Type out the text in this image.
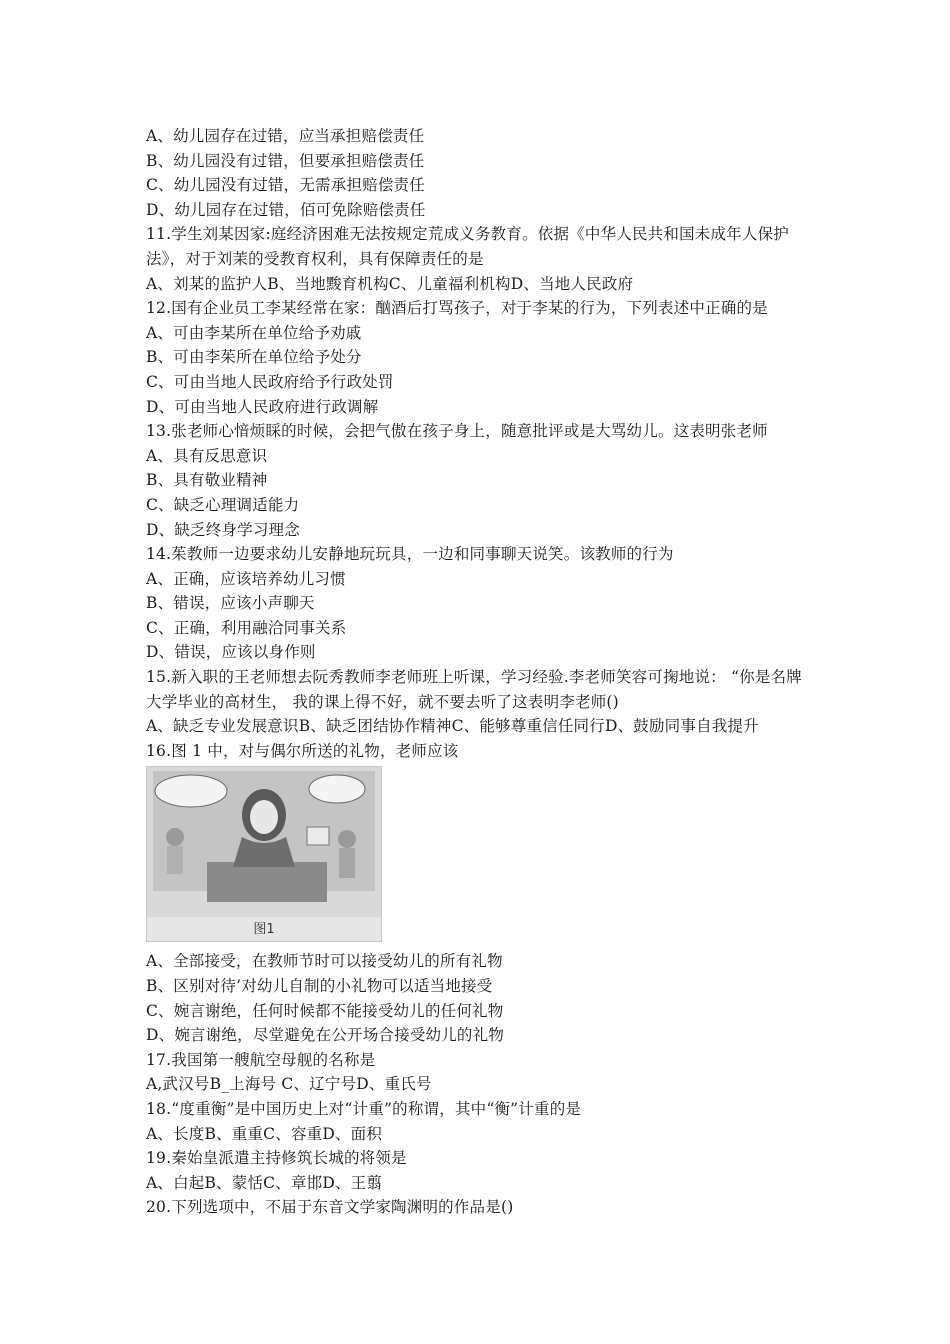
A、幼儿园存在过错，应当承担赔偿责任
B、幼儿园没有过错，但要承担赔偿责任
C、幼儿园没有过错，无需承担赔偿责任
D、幼儿园存在过错，佰可免除赔偿责任
11.学生刘某因家:庭经济困难无法按规定荒成义务教育。依据《中华人民共和国未成年人保护法》，对于刘茉的受教育权利，具有保障责任的是
A、刘某的监护人B、当地黢育机构C、儿童福利机构D、当地人民政府
12.国有企业员工李某经常在家：酗酒后打骂孩子，对于李某的行为，下列表述中正确的是
A、可由李某所在单位给予劝戚
B、可由李茱所在单位给予处分
C、可由当地人民政府给予行政处罚
D、可由当地人民政府进行政调解
13.张老师心愔烦睬的时候，会把气傲在孩子身上，随意批评或是大骂幼儿。这表明张老师
A、具有反思意识
B、具有敬业精神
C、缺乏心理调适能力
D、缺乏终身学习理念
14.茱教师一边要求幼儿安静地玩玩具，一边和同事聊天说笑。该教师的行为
A、正确，应该培养幼儿习惯
B、错误，应该小声聊天
C、正确，利用融洽同事关系
D、错误，应该以身作则
15.新入职的王老师想去阮秀教师李老师班上听课，学习经验.李老师笑容可掬地说： “你是名牌大学毕业的高材生， 我的课上得不好，就不要去听了这表明李老师()
A、缺乏专业发展意识B、缺乏团结协作精神C、能够尊重信任同行D、鼓励同事自我提升
16.图 1 中，对与偶尔所送的礼物，老师应该
图1
A、全部接受，在教师节时可以接受幼儿的所有礼物
B、区别对待’对幼儿自制的小礼物可以适当地接受
C、婉言谢绝，任何时候都不能接受幼儿的任何礼物
D、婉言谢绝，尽堂避免在公开场合接受幼儿的礼物
17.我国第一艘航空母舰的名称是
A,武汉号B_上海号 C、辽宁号D、重氏号
18.“度重衡”是中国历史上对“计重”的称谓，其中“衡”计重的是
A、长度B、重重C、容重D、面积
19.秦始皇派遣主持修筑长城的将领是
A、白起B、蒙恬C、章邯D、王翦
20.下列选项中，不届于东音文学家陶渊明的作品是()
